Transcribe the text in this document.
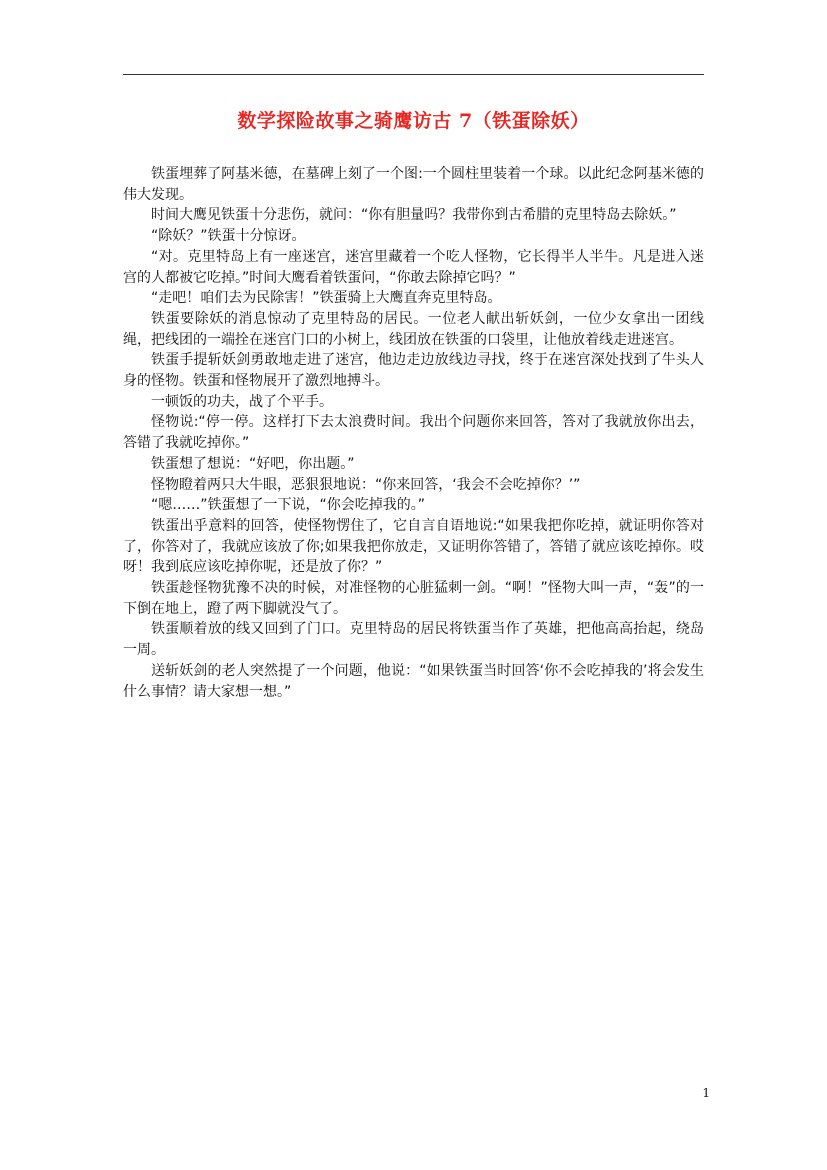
数学探险故事之骑鹰访古 7（铁蛋除妖）

铁蛋埋葬了阿基米德，在墓碑上刻了一个图:一个圆柱里装着一个球。以此纪念阿基米德的伟大发现。

时间大鹰见铁蛋十分悲伤，就问：“你有胆量吗？我带你到古希腊的克里特岛去除妖。”

“除妖？”铁蛋十分惊讶。

“对。克里特岛上有一座迷宫，迷宫里藏着一个吃人怪物，它长得半人半牛。凡是进入迷宫的人都被它吃掉。”时间大鹰看着铁蛋问，“你敢去除掉它吗？”

“走吧！咱们去为民除害！”铁蛋骑上大鹰直奔克里特岛。

铁蛋要除妖的消息惊动了克里特岛的居民。一位老人献出斩妖剑，一位少女拿出一团线绳，把线团的一端拴在迷宫门口的小树上，线团放在铁蛋的口袋里，让他放着线走进迷宫。

铁蛋手提斩妖剑勇敢地走进了迷宫，他边走边放线边寻找，终于在迷宫深处找到了牛头人身的怪物。铁蛋和怪物展开了激烈地搏斗。

一顿饭的功夫，战了个平手。

怪物说:“停一停。这样打下去太浪费时间。我出个问题你来回答，答对了我就放你出去，答错了我就吃掉你。”

铁蛋想了想说：“好吧，你出题。”

怪物瞪着两只大牛眼，恶狠狠地说：“你来回答，‘我会不会吃掉你？’”

“嗯……”铁蛋想了一下说，“你会吃掉我的。”

铁蛋出乎意料的回答，使怪物愣住了，它自言自语地说:“如果我把你吃掉，就证明你答对了，你答对了，我就应该放了你;如果我把你放走，又证明你答错了，答错了就应该吃掉你。哎呀！我到底应该吃掉你呢，还是放了你？”

铁蛋趁怪物犹豫不决的时候，对准怪物的心脏猛刺一剑。“啊！”怪物大叫一声，“轰”的一下倒在地上，蹬了两下脚就没气了。

铁蛋顺着放的线又回到了门口。克里特岛的居民将铁蛋当作了英雄，把他高高抬起，绕岛一周。

送斩妖剑的老人突然提了一个问题，他说：“如果铁蛋当时回答‘你不会吃掉我的’将会发生什么事情？请大家想一想。”

1
